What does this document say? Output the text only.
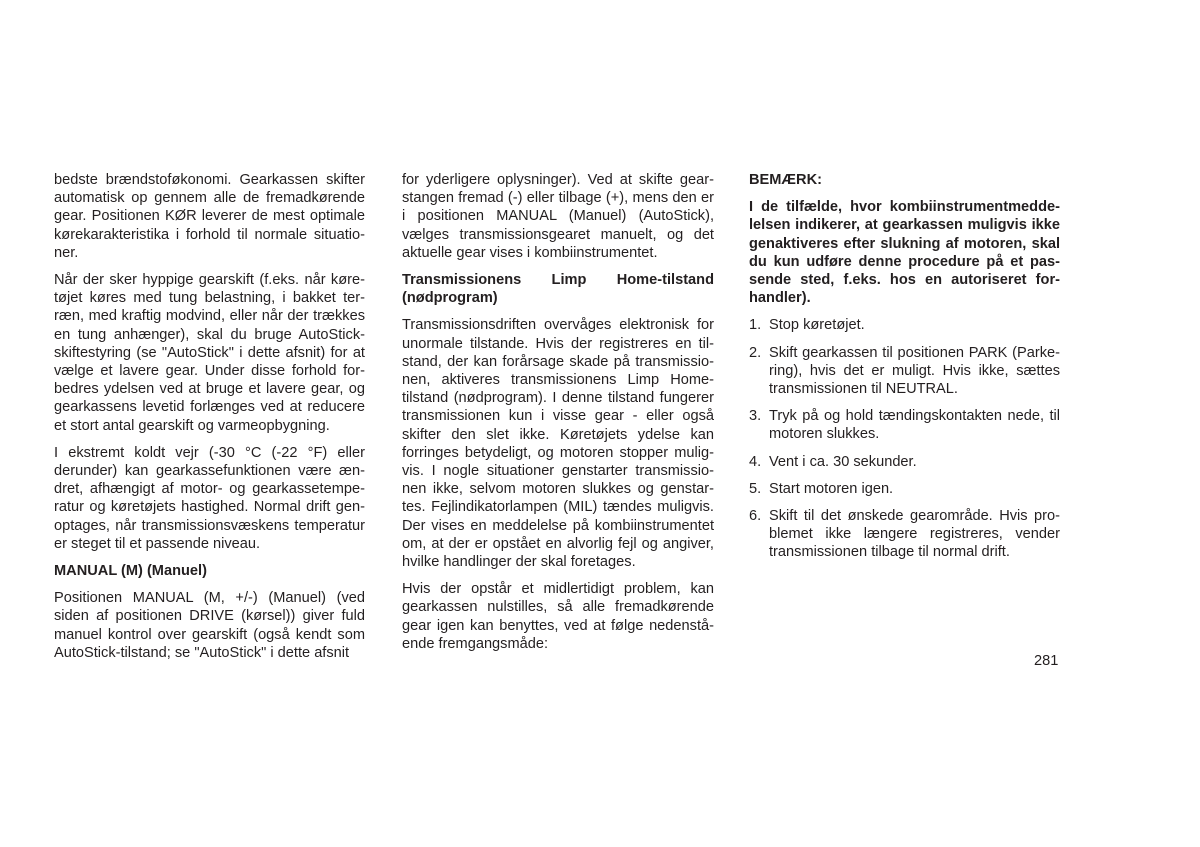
bedste brændstoføkonomi. Gearkassen skifter automatisk op gennem alle de fremadkørende gear. Positionen KØR leverer de mest optimale kørekarakteristika i forhold til normale situationer.

Når der sker hyppige gearskift (f.eks. når køretøjet køres med tung belastning, i bakket terræn, med kraftig modvind, eller når der trækkes en tung anhænger), skal du bruge AutoStick-skiftestyring (se "AutoStick" i dette afsnit) for at vælge et lavere gear. Under disse forhold forbedres ydelsen ved at bruge et lavere gear, og gearkassens levetid forlænges ved at reducere et stort antal gearskift og varmeopbygning.

I ekstremt koldt vejr (-30 °C (-22 °F) eller derunder) kan gearkassefunktionen være ændret, afhængigt af motor- og gearkassetemperatur og køretøjets hastighed. Normal drift genoptages, når transmissionsvæskens temperatur er steget til et passende niveau.

MANUAL (M) (Manuel)

Positionen MANUAL (M, +/-) (Manuel) (ved siden af positionen DRIVE (kørsel)) giver fuld manuel kontrol over gearskift (også kendt som AutoStick-tilstand; se "AutoStick" i dette afsnit

for yderligere oplysninger). Ved at skifte gearstangen fremad (-) eller tilbage (+), mens den er i positionen MANUAL (Manuel) (AutoStick), vælges transmissionsgearet manuelt, og det aktuelle gear vises i kombiinstrumentet.

Transmissionens Limp Home-tilstand (nødprogram)

Transmissionsdriften overvåges elektronisk for unormale tilstande. Hvis der registreres en tilstand, der kan forårsage skade på transmissionen, aktiveres transmissionens Limp Home-tilstand (nødprogram). I denne tilstand fungerer transmissionen kun i visse gear - eller også skifter den slet ikke. Køretøjets ydelse kan forringes betydeligt, og motoren stopper muligvis. I nogle situationer genstarter transmissionen ikke, selvom motoren slukkes og genstartes. Fejlindikatorlampen (MIL) tændes muligvis. Der vises en meddelelse på kombiinstrumentet om, at der er opstået en alvorlig fejl og angiver, hvilke handlinger der skal foretages.

Hvis der opstår et midlertidigt problem, kan gearkassen nulstilles, så alle fremadkørende gear igen kan benyttes, ved at følge nedenstående fremgangsmåde:

BEMÆRK:

I de tilfælde, hvor kombiinstrumentmeddelelsen indikerer, at gearkassen muligvis ikke genaktiveres efter slukning af motoren, skal du kun udføre denne procedure på et passende sted, f.eks. hos en autoriseret forhandler).

1. Stop køretøjet.
2. Skift gearkassen til positionen PARK (Parkering), hvis det er muligt. Hvis ikke, sættes transmissionen til NEUTRAL.
3. Tryk på og hold tændingskontakten nede, til motoren slukkes.
4. Vent i ca. 30 sekunder.
5. Start motoren igen.
6. Skift til det ønskede gearområde. Hvis problemet ikke længere registreres, vender transmissionen tilbage til normal drift.
281
